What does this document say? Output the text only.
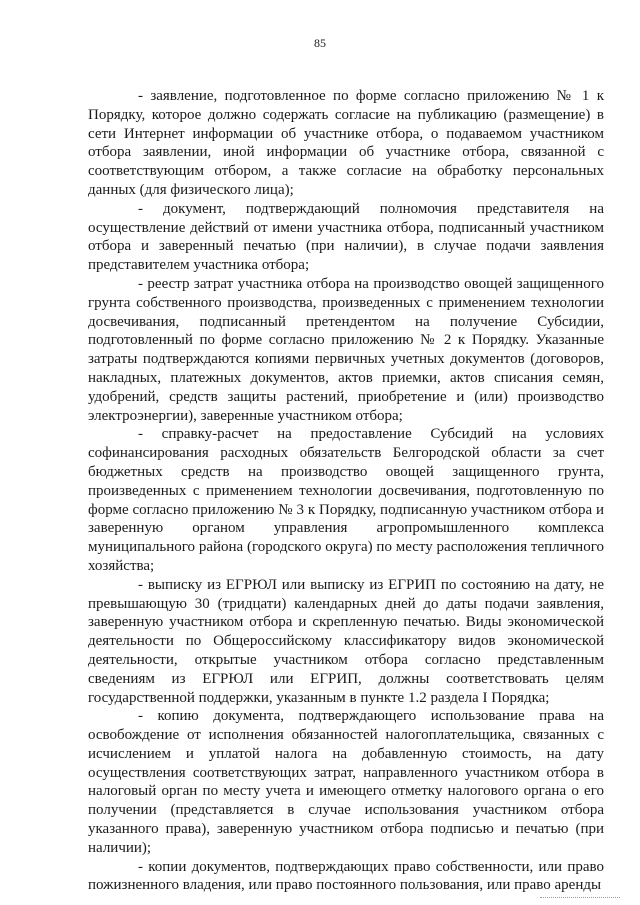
85

- заявление, подготовленное по форме согласно приложению № 1 к Порядку, которое должно содержать согласие на публикацию (размещение) в сети Интернет информации об участнике отбора, о подаваемом участником отбора заявлении, иной информации об участнике отбора, связанной с соответствующим отбором, а также согласие на обработку персональных данных (для физического лица);

- документ, подтверждающий полномочия представителя на осуществление действий от имени участника отбора, подписанный участником отбора и заверенный печатью (при наличии), в случае подачи заявления представителем участника отбора;

- реестр затрат участника отбора на производство овощей защищенного грунта собственного производства, произведенных с применением технологии досвечивания, подписанный претендентом на получение Субсидии, подготовленный по форме согласно приложению № 2 к Порядку. Указанные затраты подтверждаются копиями первичных учетных документов (договоров, накладных, платежных документов, актов приемки, актов списания семян, удобрений, средств защиты растений, приобретение и (или) производство электроэнергии), заверенные участником отбора;

- справку-расчет на предоставление Субсидий на условиях софинансирования расходных обязательств Белгородской области за счет бюджетных средств на производство овощей защищенного грунта, произведенных с применением технологии досвечивания, подготовленную по форме согласно приложению № 3 к Порядку, подписанную участником отбора и заверенную органом управления агропромышленного комплекса муниципального района (городского округа) по месту расположения тепличного хозяйства;

- выписку из ЕГРЮЛ или выписку из ЕГРИП по состоянию на дату, не превышающую 30 (тридцати) календарных дней до даты подачи заявления, заверенную участником отбора и скрепленную печатью. Виды экономической деятельности по Общероссийскому классификатору видов экономической деятельности, открытые участником отбора согласно представленным сведениям из ЕГРЮЛ или ЕГРИП, должны соответствовать целям государственной поддержки, указанным в пункте 1.2 раздела I Порядка;

- копию документа, подтверждающего использование права на освобождение от исполнения обязанностей налогоплательщика, связанных с исчислением и уплатой налога на добавленную стоимость, на дату осуществления соответствующих затрат, направленного участником отбора в налоговый орган по месту учета и имеющего отметку налогового органа о его получении (представляется в случае использования участником отбора указанного права), заверенную участником отбора подписью и печатью (при наличии);

- копии документов, подтверждающих право собственности, или право пожизненного владения, или право постоянного пользования, или право аренды
